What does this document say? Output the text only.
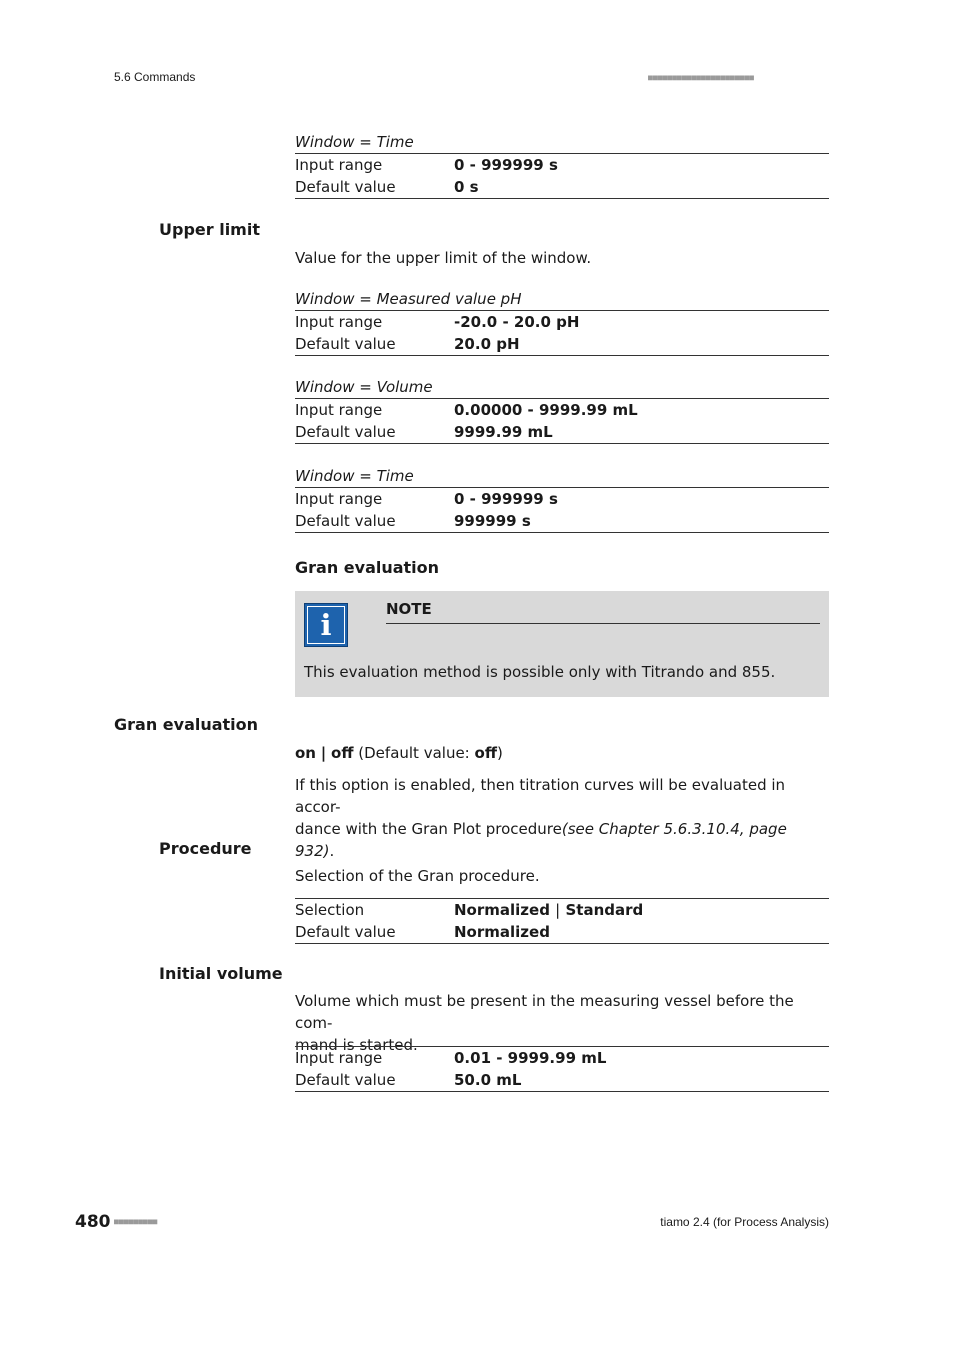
5.6 Commands	■■■■■■■■■■■■■■■■■■■■■■
Window = Time
Input range	0 - 999999 s
Default value	0 s
Upper limit
Value for the upper limit of the window.
Window = Measured value pH
Input range	-20.0 - 20.0 pH
Default value	20.0 pH
Window = Volume
Input range	0.00000 - 9999.99 mL
Default value	9999.99 mL
Window = Time
Input range	0 - 999999 s
Default value	999999 s
Gran evaluation
i	NOTE
This evaluation method is possible only with Titrando and 855.
Gran evaluation
on | off (Default value: off)
If this option is enabled, then titration curves will be evaluated in accor-
dance with the Gran Plot procedure(see Chapter 5.6.3.10.4, page 932).
Procedure
Selection of the Gran procedure.
Selection	Normalized | Standard
Default value	Normalized
Initial volume
Volume which must be present in the measuring vessel before the com-
mand is started.
Input range	0.01 - 9999.99 mL
Default value	50.0 mL
480 ■■■■■■■■■	tiamo 2.4 (for Process Analysis)
